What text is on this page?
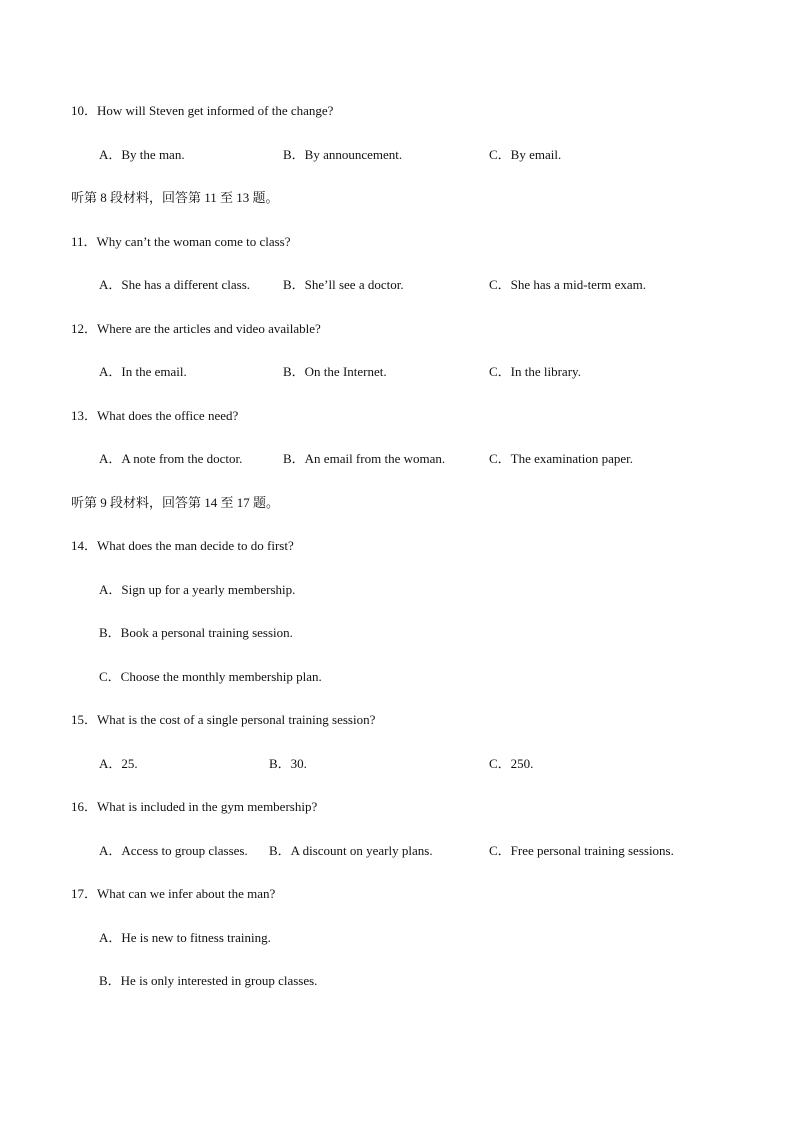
10．How will Steven get informed of the change?
A．By the man.	B．By announcement.	C．By email.
听第 8 段材料，回答第 11 至 13 题。
11．Why can’t the woman come to class?
A．She has a different class.	B．She’ll see a doctor.	C．She has a mid-term exam.
12．Where are the articles and video available?
A．In the email.	B．On the Internet.	C．In the library.
13．What does the office need?
A．A note from the doctor.	B．An email from the woman.	C．The examination paper.
听第 9 段材料，回答第 14 至 17 题。
14．What does the man decide to do first?
A．Sign up for a yearly membership.
B．Book a personal training session.
C．Choose the monthly membership plan.
15．What is the cost of a single personal training session?
A．25.	B．30.	C．250.
16．What is included in the gym membership?
A．Access to group classes. B．A discount on yearly plans.	C．Free personal training sessions.
17．What can we infer about the man?
A．He is new to fitness training.
B．He is only interested in group classes.
